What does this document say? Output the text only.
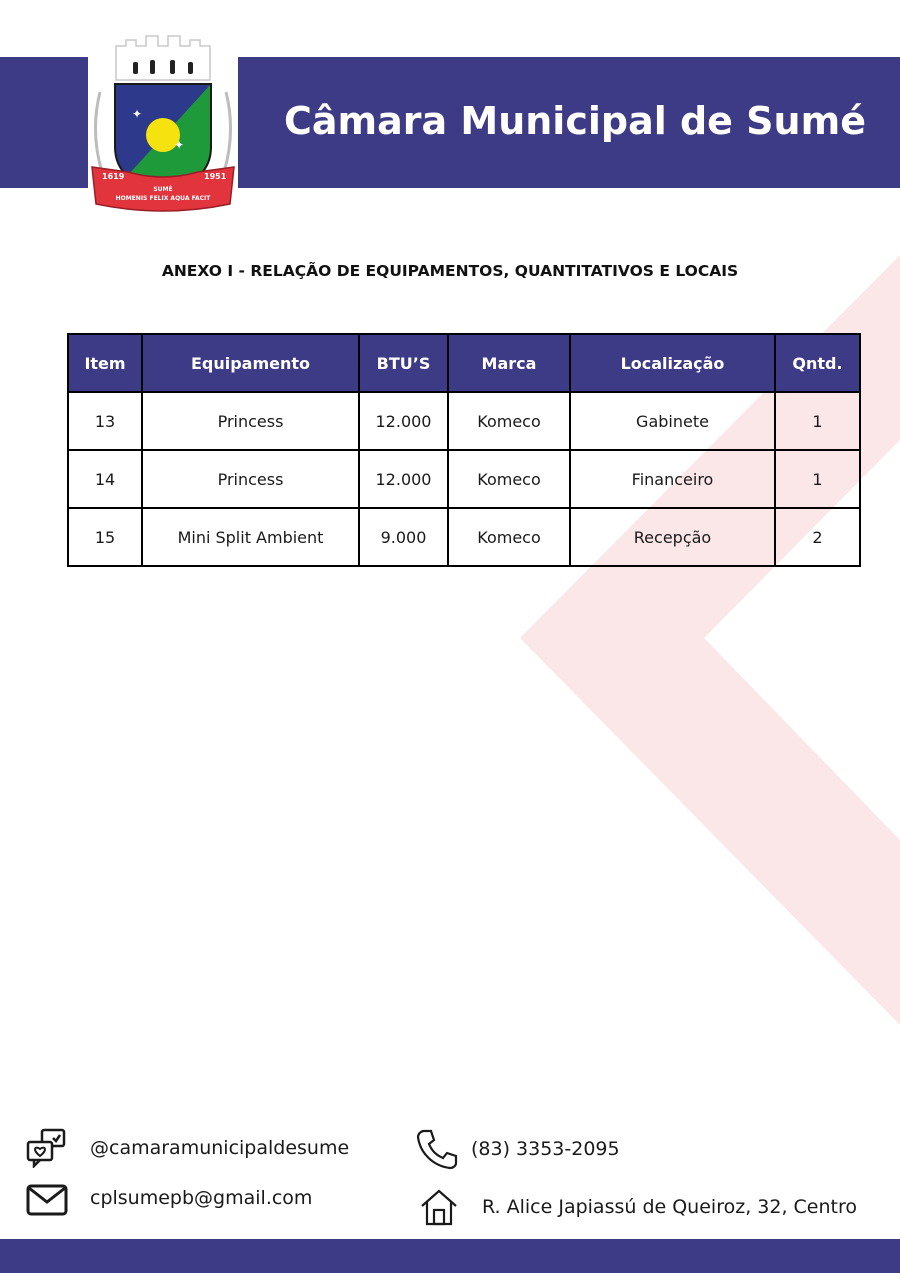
Câmara Municipal de Sumé
✦
✦
1619	1951
SUMÉ
HOMENIS FELIX AQUA FACIT
ANEXO I - RELAÇÃO DE EQUIPAMENTOS, QUANTITATIVOS E LOCAIS
Item	Equipamento	BTU’S	Marca	Localização	Qntd.
13	Princess	12.000	Komeco	Gabinete	1
14	Princess	12.000	Komeco	Financeiro	1
15	Mini Split Ambient	9.000	Komeco	Recepção	2
@camaramunicipaldesume
cplsumepb@gmail.com
(83) 3353-2095
R. Alice Japiassú de Queiroz, 32, Centro
